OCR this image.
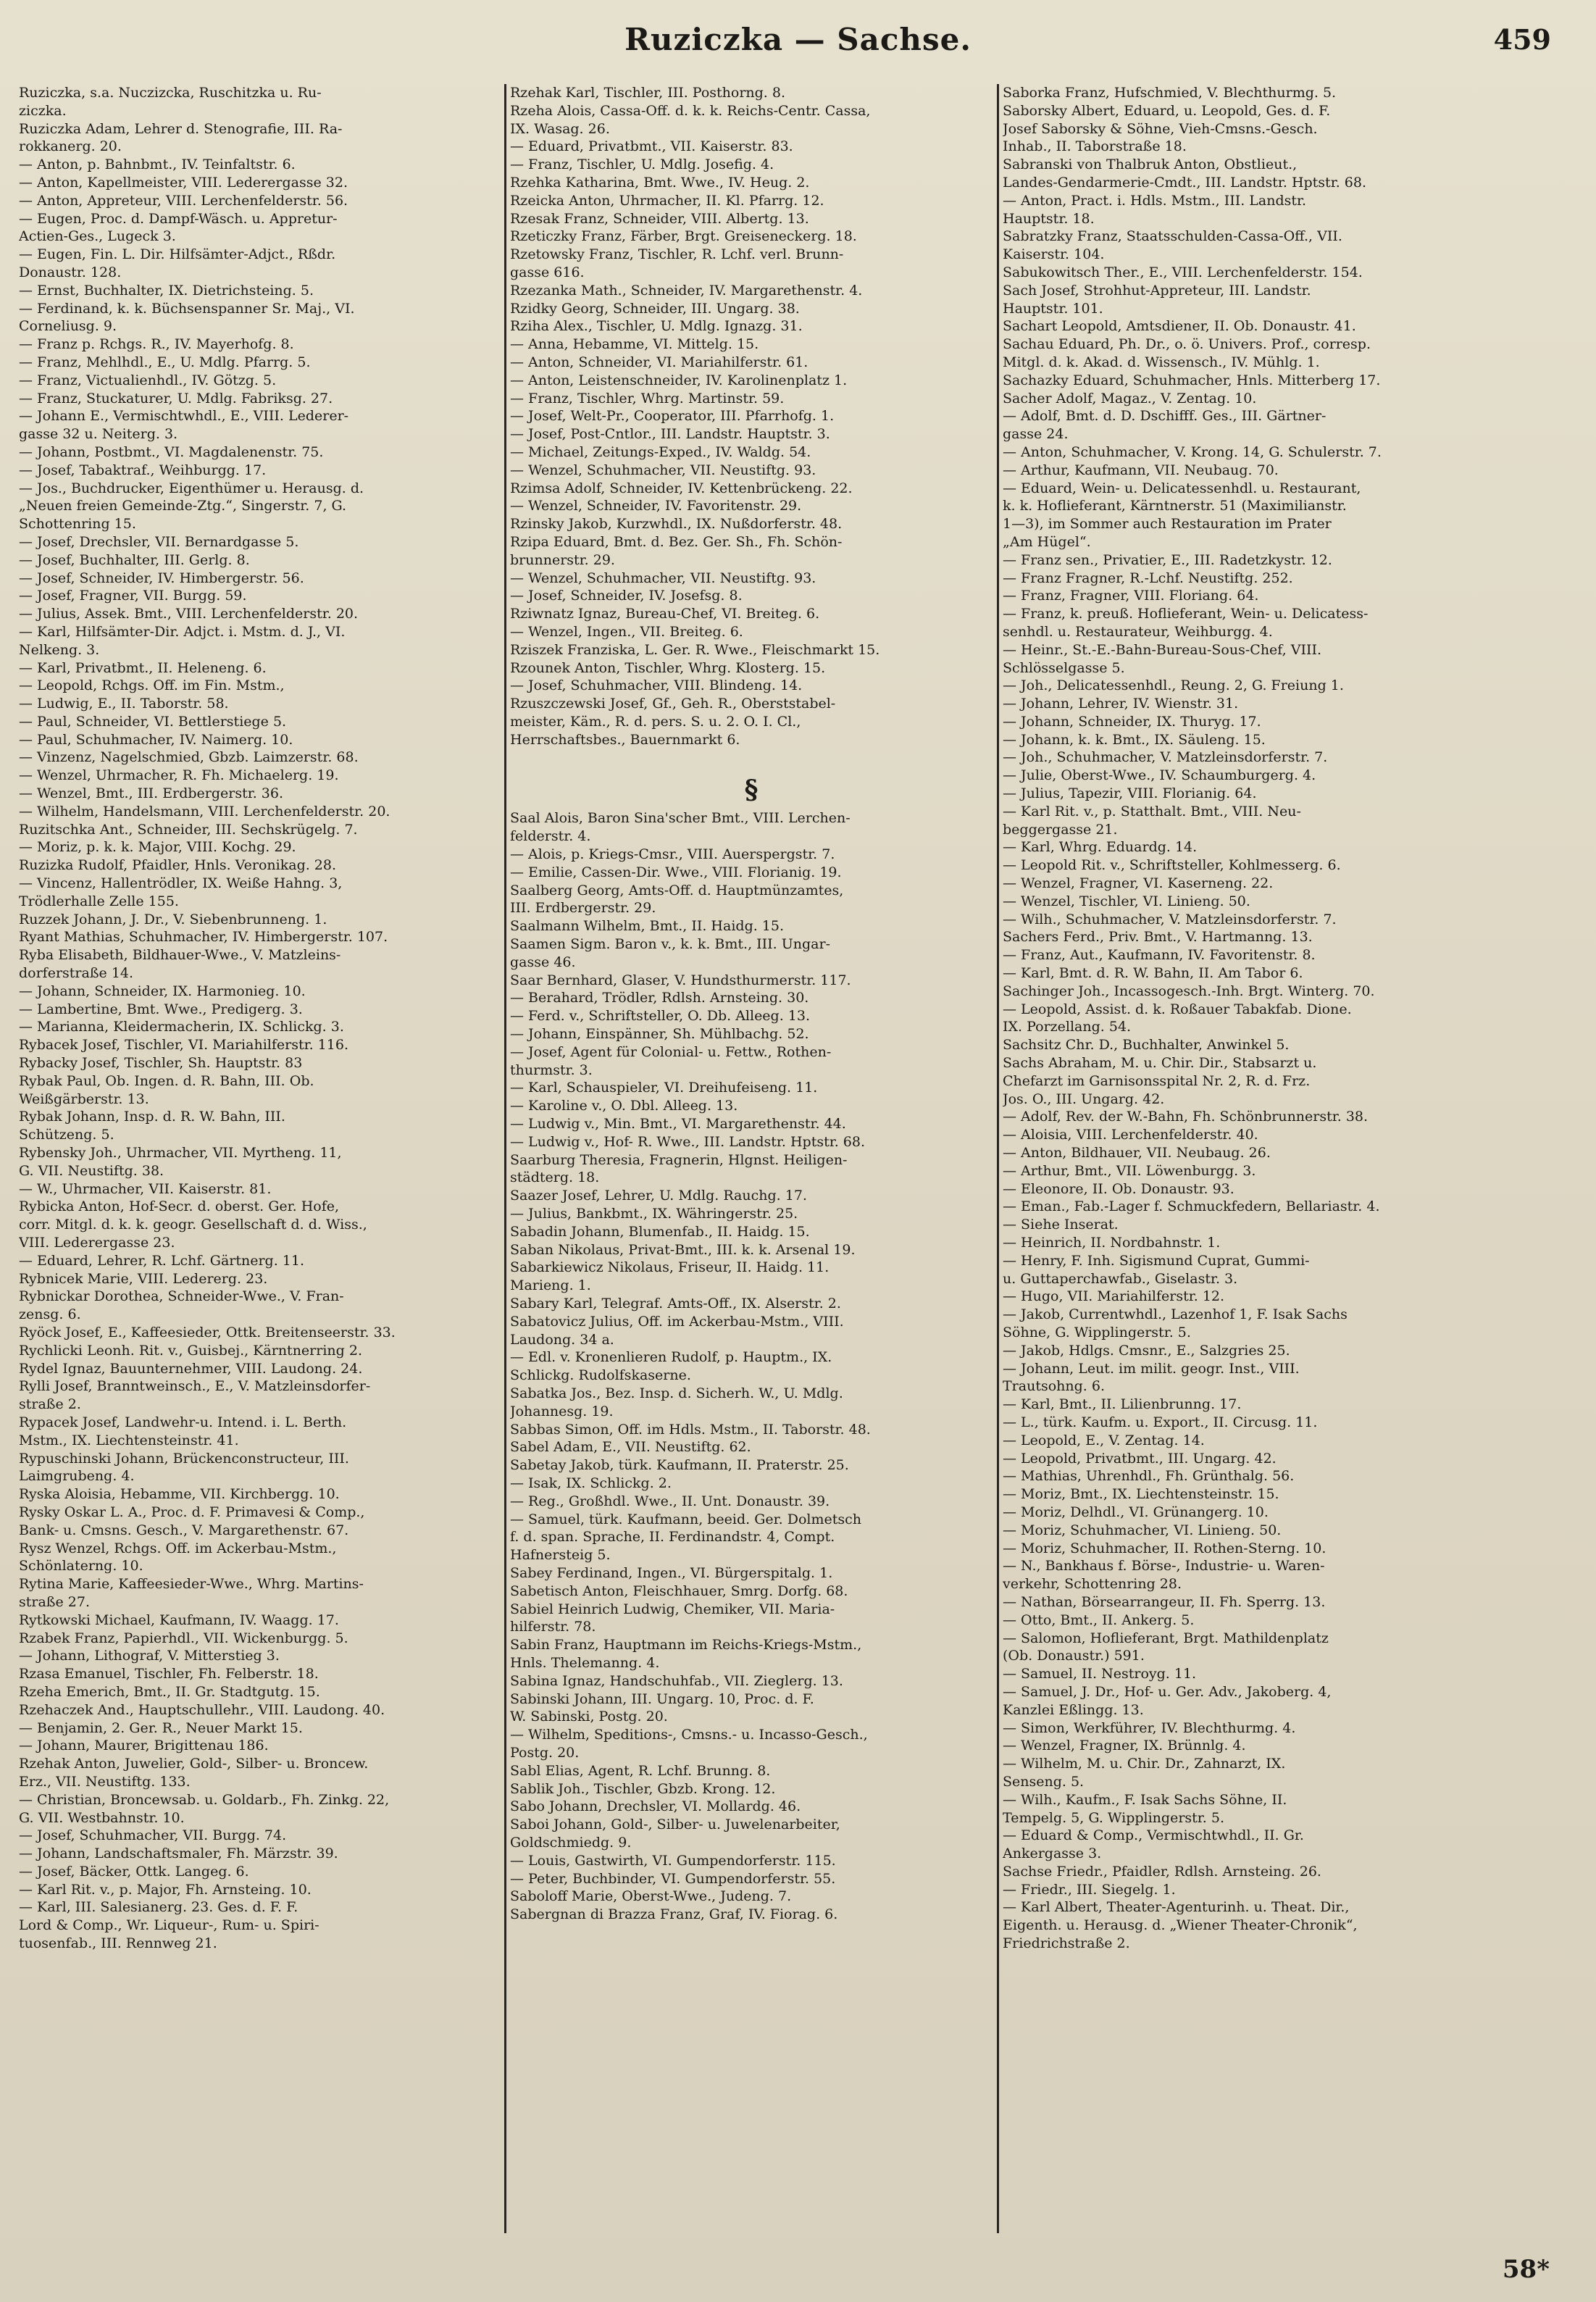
Ruziczka — Sachse.	459
Ruziczka, s.a. Nuczizcka, Ruschitzka u. Ru-
ziczka.
Ruziczka Adam, Lehrer d. Stenografie, III. Ra-
rokkanerg. 20.
— Anton, p. Bahnbmt., IV. Teinfaltstr. 6.
— Anton, Kapellmeister, VIII. Lederergasse 32.
— Anton, Appreteur, VIII. Lerchenfelderstr. 56.
— Eugen, Proc. d. Dampf-Wäsch. u. Appretur-
Actien-Ges., Lugeck 3.
— Eugen, Fin. L. Dir. Hilfsämter-Adjct., Rßdr.
Donaustr. 128.
— Ernst, Buchhalter, IX. Dietrichsteing. 5.
— Ferdinand, k. k. Büchsenspanner Sr. Maj., VI.
Corneliusg. 9.
— Franz p. Rchgs. R., IV. Mayerhofg. 8.
— Franz, Mehlhdl., E., U. Mdlg. Pfarrg. 5.
— Franz, Victualienhdl., IV. Götzg. 5.
— Franz, Stuckaturer, U. Mdlg. Fabriksg. 27.
— Johann E., Vermischtwhdl., E., VIII. Lederer-
gasse 32 u. Neiterg. 3.
— Johann, Postbmt., VI. Magdalenenstr. 75.
— Josef, Tabaktraf., Weihburgg. 17.
— Jos., Buchdrucker, Eigenthümer u. Herausg. d.
„Neuen freien Gemeinde-Ztg.“, Singerstr. 7, G.
Schottenring 15.
— Josef, Drechsler, VII. Bernardgasse 5.
— Josef, Buchhalter, III. Gerlg. 8.
— Josef, Schneider, IV. Himbergerstr. 56.
— Josef, Fragner, VII. Burgg. 59.
— Julius, Assek. Bmt., VIII. Lerchenfelderstr. 20.
— Karl, Hilfsämter-Dir. Adjct. i. Mstm. d. J., VI.
Nelkeng. 3.
— Karl, Privatbmt., II. Heleneng. 6.
— Leopold, Rchgs. Off. im Fin. Mstm.,
— Ludwig, E., II. Taborstr. 58.
— Paul, Schneider, VI. Bettlerstiege 5.
— Paul, Schuhmacher, IV. Naimerg. 10.
— Vinzenz, Nagelschmied, Gbzb. Laimzerstr. 68.
— Wenzel, Uhrmacher, R. Fh. Michaelerg. 19.
— Wenzel, Bmt., III. Erdbergerstr. 36.
— Wilhelm, Handelsmann, VIII. Lerchenfelderstr. 20.
Ruzitschka Ant., Schneider, III. Sechskrügelg. 7.
— Moriz, p. k. k. Major, VIII. Kochg. 29.
Ruzizka Rudolf, Pfaidler, Hnls. Veronikag. 28.
— Vincenz, Hallentrödler, IX. Weiße Hahng. 3,
Trödlerhalle Zelle 155.
Ruzzek Johann, J. Dr., V. Siebenbrunneng. 1.
Ryant Mathias, Schuhmacher, IV. Himbergerstr. 107.
Ryba Elisabeth, Bildhauer-Wwe., V. Matzleins-
dorferstraße 14.
— Johann, Schneider, IX. Harmonieg. 10.
— Lambertine, Bmt. Wwe., Predigerg. 3.
— Marianna, Kleidermacherin, IX. Schlickg. 3.
Rybacek Josef, Tischler, VI. Mariahilferstr. 116.
Rybacky Josef, Tischler, Sh. Hauptstr. 83
Rybak Paul, Ob. Ingen. d. R. Bahn, III. Ob.
Weißgärberstr. 13.
Rybak Johann, Insp. d. R. W. Bahn, III.
Schützeng. 5.
Rybensky Joh., Uhrmacher, VII. Myrtheng. 11,
G. VII. Neustiftg. 38.
— W., Uhrmacher, VII. Kaiserstr. 81.
Rybicka Anton, Hof-Secr. d. oberst. Ger. Hofe,
corr. Mitgl. d. k. k. geogr. Gesellschaft d. d. Wiss.,
VIII. Lederergasse 23.
— Eduard, Lehrer, R. Lchf. Gärtnerg. 11.
Rybnicek Marie, VIII. Ledererg. 23.
Rybnickar Dorothea, Schneider-Wwe., V. Fran-
zensg. 6.
Ryöck Josef, E., Kaffeesieder, Ottk. Breitenseerstr. 33.
Rychlicki Leonh. Rit. v., Guisbej., Kärntnerring 2.
Rydel Ignaz, Bauunternehmer, VIII. Laudong. 24.
Rylli Josef, Branntweinsch., E., V. Matzleinsdorfer-
straße 2.
Rypacek Josef, Landwehr-u. Intend. i. L. Berth.
Mstm., IX. Liechtensteinstr. 41.
Rypuschinski Johann, Brückenconstructeur, III.
Laimgrubeng. 4.
Ryska Aloisia, Hebamme, VII. Kirchbergg. 10.
Rysky Oskar L. A., Proc. d. F. Primavesi & Comp.,
Bank- u. Cmsns. Gesch., V. Margarethenstr. 67.
Rysz Wenzel, Rchgs. Off. im Ackerbau-Mstm.,
Schönlaterng. 10.
Rytina Marie, Kaffeesieder-Wwe., Whrg. Martins-
straße 27.
Rytkowski Michael, Kaufmann, IV. Waagg. 17.
Rzabek Franz, Papierhdl., VII. Wickenburgg. 5.
— Johann, Lithograf, V. Mitterstieg 3.
Rzasa Emanuel, Tischler, Fh. Felberstr. 18.
Rzeha Emerich, Bmt., II. Gr. Stadtgutg. 15.
Rzehaczek And., Hauptschullehr., VIII. Laudong. 40.
— Benjamin, 2. Ger. R., Neuer Markt 15.
— Johann, Maurer, Brigittenau 186.
Rzehak Anton, Juwelier, Gold-, Silber- u. Broncew.
Erz., VII. Neustiftg. 133.
— Christian, Broncewsab. u. Goldarb., Fh. Zinkg. 22,
G. VII. Westbahnstr. 10.
— Josef, Schuhmacher, VII. Burgg. 74.
— Johann, Landschaftsmaler, Fh. Märzstr. 39.
— Josef, Bäcker, Ottk. Langeg. 6.
— Karl Rit. v., p. Major, Fh. Arnsteing. 10.
— Karl, III. Salesianerg. 23. Ges. d. F. F.
Lord & Comp., Wr. Liqueur-, Rum- u. Spiri-
tuosenfab., III. Rennweg 21.
Rzehak Karl, Tischler, III. Posthorng. 8.
Rzeha Alois, Cassa-Off. d. k. k. Reichs-Centr. Cassa,
IX. Wasag. 26.
— Eduard, Privatbmt., VII. Kaiserstr. 83.
— Franz, Tischler, U. Mdlg. Josefig. 4.
Rzehka Katharina, Bmt. Wwe., IV. Heug. 2.
Rzeicka Anton, Uhrmacher, II. Kl. Pfarrg. 12.
Rzesak Franz, Schneider, VIII. Albertg. 13.
Rzeticzky Franz, Färber, Brgt. Greiseneckerg. 18.
Rzetowsky Franz, Tischler, R. Lchf. verl. Brunn-
gasse 616.
Rzezanka Math., Schneider, IV. Margarethenstr. 4.
Rzidky Georg, Schneider, III. Ungarg. 38.
Rziha Alex., Tischler, U. Mdlg. Ignazg. 31.
— Anna, Hebamme, VI. Mittelg. 15.
— Anton, Schneider, VI. Mariahilferstr. 61.
— Anton, Leistenschneider, IV. Karolinenplatz 1.
— Franz, Tischler, Whrg. Martinstr. 59.
— Josef, Welt-Pr., Cooperator, III. Pfarrhofg. 1.
— Josef, Post-Cntlor., III. Landstr. Hauptstr. 3.
— Michael, Zeitungs-Exped., IV. Waldg. 54.
— Wenzel, Schuhmacher, VII. Neustiftg. 93.
Rzimsa Adolf, Schneider, IV. Kettenbrückeng. 22.
— Wenzel, Schneider, IV. Favoritenstr. 29.
Rzinsky Jakob, Kurzwhdl., IX. Nußdorferstr. 48.
Rzipa Eduard, Bmt. d. Bez. Ger. Sh., Fh. Schön-
brunnerstr. 29.
— Wenzel, Schuhmacher, VII. Neustiftg. 93.
— Josef, Schneider, IV. Josefsg. 8.
Rziwnatz Ignaz, Bureau-Chef, VI. Breiteg. 6.
— Wenzel, Ingen., VII. Breiteg. 6.
Rziszek Franziska, L. Ger. R. Wwe., Fleischmarkt 15.
Rzounek Anton, Tischler, Whrg. Klosterg. 15.
— Josef, Schuhmacher, VIII. Blindeng. 14.
Rzuszczewski Josef, Gf., Geh. R., Oberststabel-
meister, Käm., R. d. pers. S. u. 2. O. I. Cl.,
Herrschaftsbes., Bauernmarkt 6.
§
Saal Alois, Baron Sina'scher Bmt., VIII. Lerchen-
felderstr. 4.
— Alois, p. Kriegs-Cmsr., VIII. Auerspergstr. 7.
— Emilie, Cassen-Dir. Wwe., VIII. Florianig. 19.
Saalberg Georg, Amts-Off. d. Hauptmünzamtes,
III. Erdbergerstr. 29.
Saalmann Wilhelm, Bmt., II. Haidg. 15.
Saamen Sigm. Baron v., k. k. Bmt., III. Ungar-
gasse 46.
Saar Bernhard, Glaser, V. Hundsthurmerstr. 117.
— Berahard, Trödler, Rdlsh. Arnsteing. 30.
— Ferd. v., Schriftsteller, O. Db. Alleeg. 13.
— Johann, Einspänner, Sh. Mühlbachg. 52.
— Josef, Agent für Colonial- u. Fettw., Rothen-
thurmstr. 3.
— Karl, Schauspieler, VI. Dreihufeiseng. 11.
— Karoline v., O. Dbl. Alleeg. 13.
— Ludwig v., Min. Bmt., VI. Margarethenstr. 44.
— Ludwig v., Hof- R. Wwe., III. Landstr. Hptstr. 68.
Saarburg Theresia, Fragnerin, Hlgnst. Heiligen-
städterg. 18.
Saazer Josef, Lehrer, U. Mdlg. Rauchg. 17.
— Julius, Bankbmt., IX. Währingerstr. 25.
Sabadin Johann, Blumenfab., II. Haidg. 15.
Saban Nikolaus, Privat-Bmt., III. k. k. Arsenal 19.
Sabarkiewicz Nikolaus, Friseur, II. Haidg. 11.
Marieng. 1.
Sabary Karl, Telegraf. Amts-Off., IX. Alserstr. 2.
Sabatovicz Julius, Off. im Ackerbau-Mstm., VIII.
Laudong. 34 a.
— Edl. v. Kronenlieren Rudolf, p. Hauptm., IX.
Schlickg. Rudolfskaserne.
Sabatka Jos., Bez. Insp. d. Sicherh. W., U. Mdlg.
Johannesg. 19.
Sabbas Simon, Off. im Hdls. Mstm., II. Taborstr. 48.
Sabel Adam, E., VII. Neustiftg. 62.
Sabetay Jakob, türk. Kaufmann, II. Praterstr. 25.
— Isak, IX. Schlickg. 2.
— Reg., Großhdl. Wwe., II. Unt. Donaustr. 39.
— Samuel, türk. Kaufmann, beeid. Ger. Dolmetsch
f. d. span. Sprache, II. Ferdinandstr. 4, Compt.
Hafnersteig 5.
Sabey Ferdinand, Ingen., VI. Bürgerspitalg. 1.
Sabetisch Anton, Fleischhauer, Smrg. Dorfg. 68.
Sabiel Heinrich Ludwig, Chemiker, VII. Maria-
hilferstr. 78.
Sabin Franz, Hauptmann im Reichs-Kriegs-Mstm.,
Hnls. Thelemanng. 4.
Sabina Ignaz, Handschuhfab., VII. Zieglerg. 13.
Sabinski Johann, III. Ungarg. 10, Proc. d. F.
W. Sabinski, Postg. 20.
— Wilhelm, Speditions-, Cmsns.- u. Incasso-Gesch.,
Postg. 20.
Sabl Elias, Agent, R. Lchf. Brunng. 8.
Sablik Joh., Tischler, Gbzb. Krong. 12.
Sabo Johann, Drechsler, VI. Mollardg. 46.
Saboi Johann, Gold-, Silber- u. Juwelenarbeiter,
Goldschmiedg. 9.
— Louis, Gastwirth, VI. Gumpendorferstr. 115.
— Peter, Buchbinder, VI. Gumpendorferstr. 55.
Saboloff Marie, Oberst-Wwe., Judeng. 7.
Sabergnan di Brazza Franz, Graf, IV. Fiorag. 6.
Saborka Franz, Hufschmied, V. Blechthurmg. 5.
Saborsky Albert, Eduard, u. Leopold, Ges. d. F.
Josef Saborsky & Söhne, Vieh-Cmsns.-Gesch.
Inhab., II. Taborstraße 18.
Sabranski von Thalbruk Anton, Obstlieut.,
Landes-Gendarmerie-Cmdt., III. Landstr. Hptstr. 68.
— Anton, Pract. i. Hdls. Mstm., III. Landstr.
Hauptstr. 18.
Sabratzky Franz, Staatsschulden-Cassa-Off., VII.
Kaiserstr. 104.
Sabukowitsch Ther., E., VIII. Lerchenfelderstr. 154.
Sach Josef, Strohhut-Appreteur, III. Landstr.
Hauptstr. 101.
Sachart Leopold, Amtsdiener, II. Ob. Donaustr. 41.
Sachau Eduard, Ph. Dr., o. ö. Univers. Prof., corresp.
Mitgl. d. k. Akad. d. Wissensch., IV. Mühlg. 1.
Sachazky Eduard, Schuhmacher, Hnls. Mitterberg 17.
Sacher Adolf, Magaz., V. Zentag. 10.
— Adolf, Bmt. d. D. Dschifff. Ges., III. Gärtner-
gasse 24.
— Anton, Schuhmacher, V. Krong. 14, G. Schulerstr. 7.
— Arthur, Kaufmann, VII. Neubaug. 70.
— Eduard, Wein- u. Delicatessenhdl. u. Restaurant,
k. k. Hoflieferant, Kärntnerstr. 51 (Maximilianstr.
1—3), im Sommer auch Restauration im Prater
„Am Hügel“.
— Franz sen., Privatier, E., III. Radetzkystr. 12.
— Franz Fragner, R.-Lchf. Neustiftg. 252.
— Franz, Fragner, VIII. Floriang. 64.
— Franz, k. preuß. Hoflieferant, Wein- u. Delicatess-
senhdl. u. Restaurateur, Weihburgg. 4.
— Heinr., St.-E.-Bahn-Bureau-Sous-Chef, VIII.
Schlösselgasse 5.
— Joh., Delicatessenhdl., Reung. 2, G. Freiung 1.
— Johann, Lehrer, IV. Wienstr. 31.
— Johann, Schneider, IX. Thuryg. 17.
— Johann, k. k. Bmt., IX. Säuleng. 15.
— Joh., Schuhmacher, V. Matzleinsdorferstr. 7.
— Julie, Oberst-Wwe., IV. Schaumburgerg. 4.
— Julius, Tapezir, VIII. Florianig. 64.
— Karl Rit. v., p. Statthalt. Bmt., VIII. Neu-
beggergasse 21.
— Karl, Whrg. Eduardg. 14.
— Leopold Rit. v., Schriftsteller, Kohlmesserg. 6.
— Wenzel, Fragner, VI. Kaserneng. 22.
— Wenzel, Tischler, VI. Linieng. 50.
— Wilh., Schuhmacher, V. Matzleinsdorferstr. 7.
Sachers Ferd., Priv. Bmt., V. Hartmanng. 13.
— Franz, Aut., Kaufmann, IV. Favoritenstr. 8.
— Karl, Bmt. d. R. W. Bahn, II. Am Tabor 6.
Sachinger Joh., Incassogesch.-Inh. Brgt. Winterg. 70.
— Leopold, Assist. d. k. Roßauer Tabakfab. Dione.
IX. Porzellang. 54.
Sachsitz Chr. D., Buchhalter, Anwinkel 5.
Sachs Abraham, M. u. Chir. Dir., Stabsarzt u.
Chefarzt im Garnisonsspital Nr. 2, R. d. Frz.
Jos. O., III. Ungarg. 42.
— Adolf, Rev. der W.-Bahn, Fh. Schönbrunnerstr. 38.
— Aloisia, VIII. Lerchenfelderstr. 40.
— Anton, Bildhauer, VII. Neubaug. 26.
— Arthur, Bmt., VII. Löwenburgg. 3.
— Eleonore, II. Ob. Donaustr. 93.
— Eman., Fab.-Lager f. Schmuckfedern, Bellariastr. 4.
— Siehe Inserat.
— Heinrich, II. Nordbahnstr. 1.
— Henry, F. Inh. Sigismund Cuprat, Gummi-
u. Guttaperchawfab., Giselastr. 3.
— Hugo, VII. Mariahilferstr. 12.
— Jakob, Currentwhdl., Lazenhof 1, F. Isak Sachs
Söhne, G. Wipplingerstr. 5.
— Jakob, Hdlgs. Cmsnr., E., Salzgries 25.
— Johann, Leut. im milit. geogr. Inst., VIII.
Trautsohng. 6.
— Karl, Bmt., II. Lilienbrunng. 17.
— L., türk. Kaufm. u. Export., II. Circusg. 11.
— Leopold, E., V. Zentag. 14.
— Leopold, Privatbmt., III. Ungarg. 42.
— Mathias, Uhrenhdl., Fh. Grünthalg. 56.
— Moriz, Bmt., IX. Liechtensteinstr. 15.
— Moriz, Delhdl., VI. Grünangerg. 10.
— Moriz, Schuhmacher, VI. Linieng. 50.
— Moriz, Schuhmacher, II. Rothen-Sterng. 10.
— N., Bankhaus f. Börse-, Industrie- u. Waren-
verkehr, Schottenring 28.
— Nathan, Börsearrangeur, II. Fh. Sperrg. 13.
— Otto, Bmt., II. Ankerg. 5.
— Salomon, Hoflieferant, Brgt. Mathildenplatz
(Ob. Donaustr.) 591.
— Samuel, II. Nestroyg. 11.
— Samuel, J. Dr., Hof- u. Ger. Adv., Jakoberg. 4,
Kanzlei Eßlingg. 13.
— Simon, Werkführer, IV. Blechthurmg. 4.
— Wenzel, Fragner, IX. Brünnlg. 4.
— Wilhelm, M. u. Chir. Dr., Zahnarzt, IX.
Senseng. 5.
— Wilh., Kaufm., F. Isak Sachs Söhne, II.
Tempelg. 5, G. Wipplingerstr. 5.
— Eduard & Comp., Vermischtwhdl., II. Gr.
Ankergasse 3.
Sachse Friedr., Pfaidler, Rdlsh. Arnsteing. 26.
— Friedr., III. Siegelg. 1.
— Karl Albert, Theater-Agenturinh. u. Theat. Dir.,
Eigenth. u. Herausg. d. „Wiener Theater-Chronik“,
Friedrichstraße 2.
58*
